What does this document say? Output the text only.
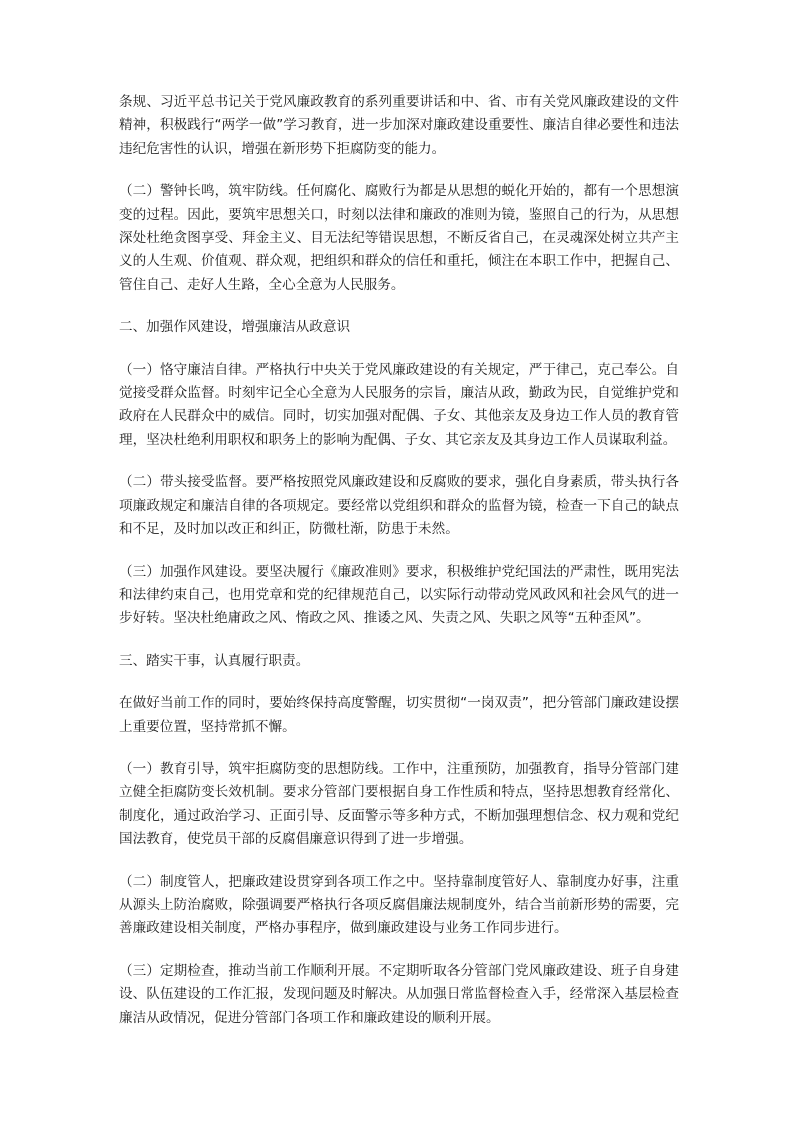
条规、习近平总书记关于党风廉政教育的系列重要讲话和中、省、市有关党风廉政建设的文件精神，积极践行“两学一做”学习教育，进一步加深对廉政建设重要性、廉洁自律必要性和违法违纪危害性的认识，增强在新形势下拒腐防变的能力。

（二）警钟长鸣，筑牢防线。任何腐化、腐败行为都是从思想的蜕化开始的，都有一个思想演变的过程。因此，要筑牢思想关口，时刻以法律和廉政的准则为镜，鉴照自己的行为，从思想深处杜绝贪图享受、拜金主义、目无法纪等错误思想，不断反省自己，在灵魂深处树立共产主义的人生观、价值观、群众观，把组织和群众的信任和重托，倾注在本职工作中，把握自己、管住自己、走好人生路，全心全意为人民服务。

二、加强作风建设，增强廉洁从政意识

（一）恪守廉洁自律。严格执行中央关于党风廉政建设的有关规定，严于律己，克己奉公。自觉接受群众监督。时刻牢记全心全意为人民服务的宗旨，廉洁从政，勤政为民，自觉维护党和政府在人民群众中的威信。同时，切实加强对配偶、子女、其他亲友及身边工作人员的教育管理，坚决杜绝利用职权和职务上的影响为配偶、子女、其它亲友及其身边工作人员谋取利益。

（二）带头接受监督。要严格按照党风廉政建设和反腐败的要求，强化自身素质，带头执行各项廉政规定和廉洁自律的各项规定。要经常以党组织和群众的监督为镜，检查一下自己的缺点和不足，及时加以改正和纠正，防微杜渐，防患于未然。

（三）加强作风建设。要坚决履行《廉政准则》要求，积极维护党纪国法的严肃性，既用宪法和法律约束自己，也用党章和党的纪律规范自己，以实际行动带动党风政风和社会风气的进一步好转。坚决杜绝庸政之风、惰政之风、推诿之风、失责之风、失职之风等“五种歪风”。

三、踏实干事，认真履行职责。

在做好当前工作的同时，要始终保持高度警醒，切实贯彻“一岗双责”，把分管部门廉政建设摆上重要位置，坚持常抓不懈。

（一）教育引导，筑牢拒腐防变的思想防线。工作中，注重预防，加强教育，指导分管部门建立健全拒腐防变长效机制。要求分管部门要根据自身工作性质和特点，坚持思想教育经常化、制度化，通过政治学习、正面引导、反面警示等多种方式，不断加强理想信念、权力观和党纪国法教育，使党员干部的反腐倡廉意识得到了进一步增强。

（二）制度管人，把廉政建设贯穿到各项工作之中。坚持靠制度管好人、靠制度办好事，注重从源头上防治腐败，除强调要严格执行各项反腐倡廉法规制度外，结合当前新形势的需要，完善廉政建设相关制度，严格办事程序，做到廉政建设与业务工作同步进行。

（三）定期检查，推动当前工作顺利开展。不定期听取各分管部门党风廉政建设、班子自身建设、队伍建设的工作汇报，发现问题及时解决。从加强日常监督检查入手，经常深入基层检查廉洁从政情况，促进分管部门各项工作和廉政建设的顺利开展。
